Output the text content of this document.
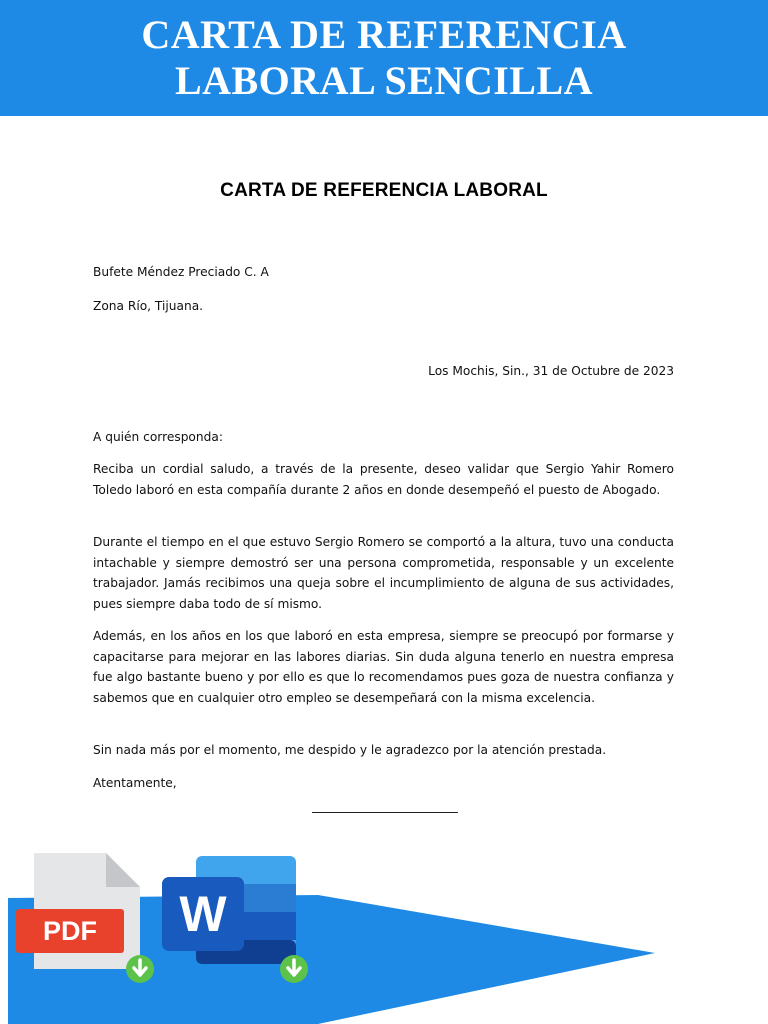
CARTA DE REFERENCIA
LABORAL SENCILLA
CARTA DE REFERENCIA LABORAL
Bufete Méndez Preciado C. A
Zona Río, Tijuana.
Los Mochis, Sin., 31 de Octubre de 2023
A quién corresponda:
Reciba un cordial saludo, a través de la presente, deseo validar que Sergio Yahir Romero Toledo laboró en esta compañía durante 2 años en donde desempeñó el puesto de Abogado.
Durante el tiempo en el que estuvo Sergio Romero se comportó a la altura, tuvo una conducta intachable y siempre demostró ser una persona comprometida, responsable y un excelente trabajador. Jamás recibimos una queja sobre el incumplimiento de alguna de sus actividades, pues siempre daba todo de sí mismo.
Además, en los años en los que laboró en esta empresa, siempre se preocupó por formarse y capacitarse para mejorar en las labores diarias. Sin duda alguna tenerlo en nuestra empresa fue algo bastante bueno y por ello es que lo recomendamos pues goza de nuestra confianza y sabemos que en cualquier otro empleo se desempeñará con la misma excelencia.
Sin nada más por el momento, me despido y le agradezco por la atención prestada.
Atentamente,
PDF W
